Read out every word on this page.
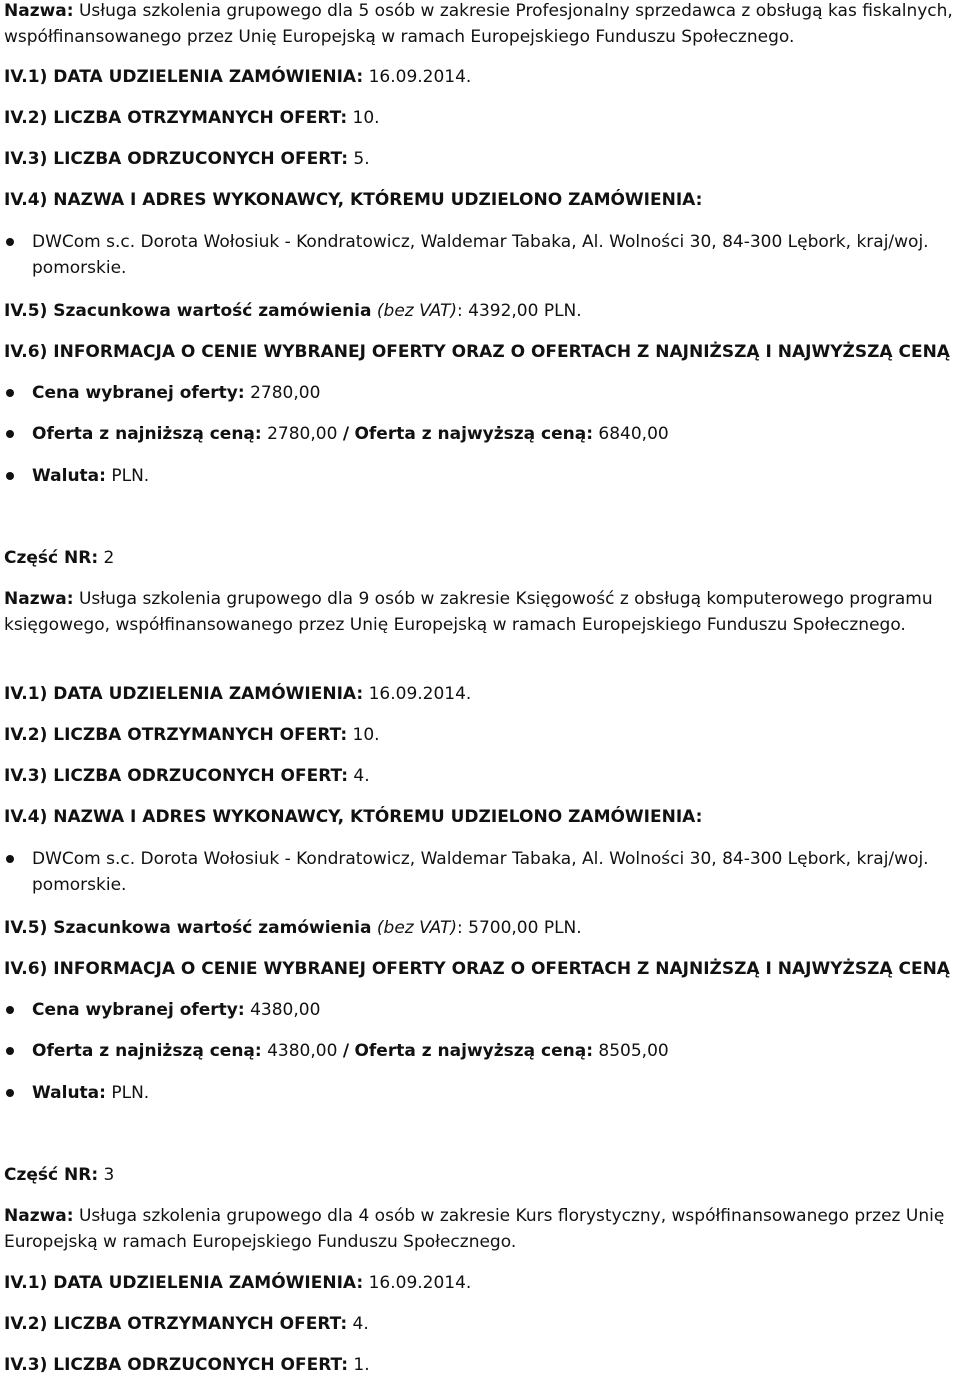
Nazwa: Usługa szkolenia grupowego dla 5 osób w zakresie Profesjonalny sprzedawca z obsługą kas fiskalnych, współfinansowanego przez Unię Europejską w ramach Europejskiego Funduszu Społecznego.
IV.1) DATA UDZIELENIA ZAMÓWIENIA: 16.09.2014.
IV.2) LICZBA OTRZYMANYCH OFERT: 10.
IV.3) LICZBA ODRZUCONYCH OFERT: 5.
IV.4) NAZWA I ADRES WYKONAWCY, KTÓREMU UDZIELONO ZAMÓWIENIA:
DWCom s.c. Dorota Wołosiuk - Kondratowicz, Waldemar Tabaka, Al. Wolności 30, 84-300 Lębork, kraj/woj. pomorskie.
IV.5) Szacunkowa wartość zamówienia (bez VAT): 4392,00 PLN.
IV.6) INFORMACJA O CENIE WYBRANEJ OFERTY ORAZ O OFERTACH Z NAJNIŻSZĄ I NAJWYŻSZĄ CENĄ
Cena wybranej oferty: 2780,00
Oferta z najniższą ceną: 2780,00 / Oferta z najwyższą ceną: 6840,00
Waluta: PLN.
Część NR: 2
Nazwa: Usługa szkolenia grupowego dla 9 osób w zakresie Księgowość z obsługą komputerowego programu księgowego, współfinansowanego przez Unię Europejską w ramach Europejskiego Funduszu Społecznego.
IV.1) DATA UDZIELENIA ZAMÓWIENIA: 16.09.2014.
IV.2) LICZBA OTRZYMANYCH OFERT: 10.
IV.3) LICZBA ODRZUCONYCH OFERT: 4.
IV.4) NAZWA I ADRES WYKONAWCY, KTÓREMU UDZIELONO ZAMÓWIENIA:
DWCom s.c. Dorota Wołosiuk - Kondratowicz, Waldemar Tabaka, Al. Wolności 30, 84-300 Lębork, kraj/woj. pomorskie.
IV.5) Szacunkowa wartość zamówienia (bez VAT): 5700,00 PLN.
IV.6) INFORMACJA O CENIE WYBRANEJ OFERTY ORAZ O OFERTACH Z NAJNIŻSZĄ I NAJWYŻSZĄ CENĄ
Cena wybranej oferty: 4380,00
Oferta z najniższą ceną: 4380,00 / Oferta z najwyższą ceną: 8505,00
Waluta: PLN.
Część NR: 3
Nazwa: Usługa szkolenia grupowego dla 4 osób w zakresie Kurs florystyczny, współfinansowanego przez Unię Europejską w ramach Europejskiego Funduszu Społecznego.
IV.1) DATA UDZIELENIA ZAMÓWIENIA: 16.09.2014.
IV.2) LICZBA OTRZYMANYCH OFERT: 4.
IV.3) LICZBA ODRZUCONYCH OFERT: 1.
